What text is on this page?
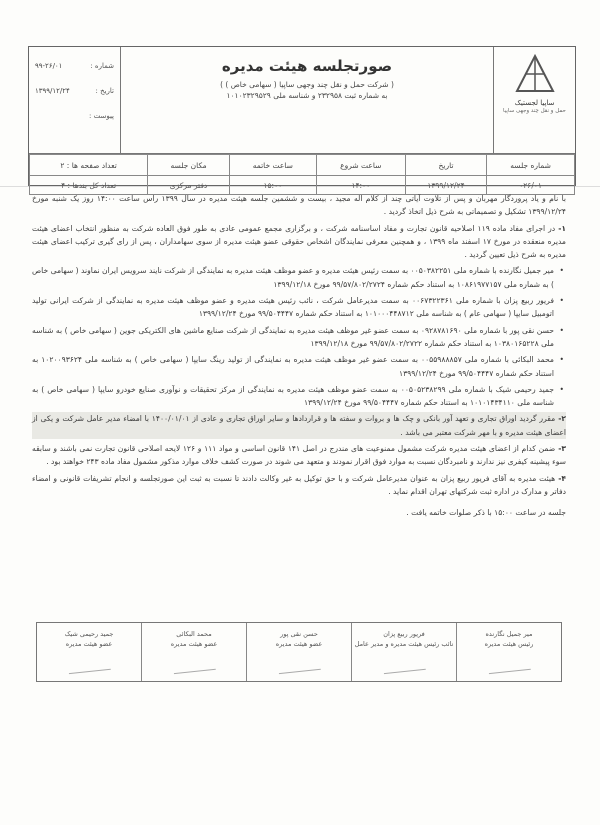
ساپیا لجستیک
حمل و نقل چند وجهی ساپیا
صورتجلسه هیئت مدیره
( شرکت حمل و نقل چند وجهی ساپیا ( سهامی خاص ) )
به شماره ثبت ۲۳۲۹۵۸ و شناسه ملی ۱۰۱۰۲۳۲۹۵۲۹
شماره :
۹۹-۲۶/۰۱
تاریخ :
۱۳۹۹/۱۲/۲۴
پیوست :
شماره جلسه	تاریخ	ساعت شروع	ساعت خاتمه	مکان جلسه	تعداد صفحه ها : ۲
۰۲۶/۰۱	۱۳۹۹/۱۲/۲۴	۱۴:۰۰	۱۵:۰۰	دفتر مرکزی	تعداد کل بندها : ۴

با نام و یاد پروردگار مهربان و پس از تلاوت آیاتی چند از کلام اله مجید ، بیست و ششمین جلسه هیئت مدیره در سال ۱۳۹۹ راس ساعت ۱۴:۰۰ روز یک شنبه مورخ ۱۳۹۹/۱۲/۲۴ تشکیل و تصمیماتی به شرح ذیل اتخاذ گردید .

۱-در اجرای مفاد ماده ۱۱۹ اصلاحیه قانون تجارت و مفاد اساسنامه شرکت ، و برگزاری مجمع عمومی عادی به طور فوق العاده شرکت به منظور انتخاب اعضای هیئت مدیره منعقده در مورخ ۱۷ اسفند ماه ۱۳۹۹ ، و همچنین معرفی نمایندگان اشخاص حقوقی عضو هیئت مدیره از سوی سهامداران ، پس از رای گیری ترکیب اعضای هیئت مدیره به شرح ذیل تعیین گردید .

• میر جمیل نگارنده با شماره ملی ۰۰۵۰۳۸۲۲۵۱ به سمت رئیس هیئت مدیره و عضو موظف هیئت مدیره به نمایندگی از شرکت نایند سرویس ایران نماوند ( سهامی خاص ) به شماره ملی ۱۰۸۶۱۹۷۷۱۵۷ به استناد حکم شماره ۹۹/۵۷/۸۰۲/۲۷۲۴ مورخ ۱۳۹۹/۱۲/۱۸

• فریور ربیع پزان با شماره ملی ۰۰۶۷۳۲۲۳۶۱ به سمت مدیرعامل شرکت ، نائب رئیس هیئت مدیره و عضو موظف هیئت مدیره به نمایندگی از شرکت ایرانی تولید اتومبیل سایپا ( سهامی عام ) به شناسه ملی ۱۰۱۰۰۰۴۴۸۷۱۲ به استناد حکم شماره ۹۹/۵۰۴۴۴۷ مورخ ۱۳۹۹/۱۲/۲۴

• حسن نقی پور با شماره ملی ۰۹۲۸۷۸۱۶۹۰ به سمت عضو غیر موظف هیئت مدیره به نمایندگی از شرکت صنایع ماشین های الکتریکی جوین ( سهامی خاص ) به شناسه ملی ۱۰۳۸۰۱۶۵۲۲۸ به استناد حکم شماره ۹۹/۵۷/۸۰۲/۲۷۲۲ مورخ ۱۳۹۹/۱۲/۱۸

• محمد البکائی با شماره ملی ۰۰۵۵۹۸۸۸۵۷ به سمت عضو غیر موظف هیئت مدیره به نمایندگی از تولید رینگ سایپا ( سهامی خاص ) به شناسه ملی ۱۰۲۰۰۹۳۶۲۴ به استناد حکم شماره ۹۹/۵۰۴۴۴۷ مورخ ۱۳۹۹/۱۲/۲۴

• جمید رحیمی شیک با شماره ملی ۰۰۵۰۵۲۳۸۲۹۹ به سمت عضو موظف هیئت مدیره به نمایندگی از مرکز تحقیقات و نوآوری صنایع خودرو سایپا ( سهامی خاص ) به شناسه ملی ۱۰۱۰۱۴۳۴۱۱۰ به استناد حکم شماره ۹۹/۵۰۴۴۴۷ مورخ ۱۳۹۹/۱۲/۲۴

۲-مقرر گردید اوراق تجاری و تعهد آور بانکی و چک ها و بروات و سفته ها و قراردادها و سایر اوراق تجاری و عادی از ۱۴۰۰/۰۱/۰۱ با امضاء مدیر عامل شرکت و یکی از اعضای هیئت مدیره و با مهر شرکت معتبر می باشد .

۳-ضمن کدام از اعضای هیئت مدیره شرکت مشمول ممنوعیت های مندرج در اصل ۱۴۱ قانون اساسی و مواد ۱۱۱ و ۱۲۶ لایحه اصلاحی قانون تجارت نمی باشند و سابقه سوء پیشینه کیفری نیز ندارند و نامبردگان نسبت به موارد فوق اقرار نمودند و متعهد می شوند در صورت کشف خلاف موارد مذکور مشمول مفاد ماده ۲۴۳ خواهند بود .

۴-هیئت مدیره به آقای فریور ربیع پزان به عنوان مدیرعامل شرکت و با حق توکیل به غیر وکالت دادند تا نسبت به ثبت این صورتجلسه و انجام تشریفات قانونی و امضاء دفاتر و مدارک در اداره ثبت شرکتهای تهران اقدام نماید .

جلسه در ساعت ۱۵:۰۰ با ذکر صلوات خاتمه یافت .

میر جمیل نگارنده
رئیس هیئت مدیره
فریور ربیع پزان
نائب رئیس هیئت مدیره و مدیر عامل
حسن نقی پور
عضو هیئت مدیره
محمد البکائی
عضو هیئت مدیره
جمید رحیمی شیک
عضو هیئت مدیره
